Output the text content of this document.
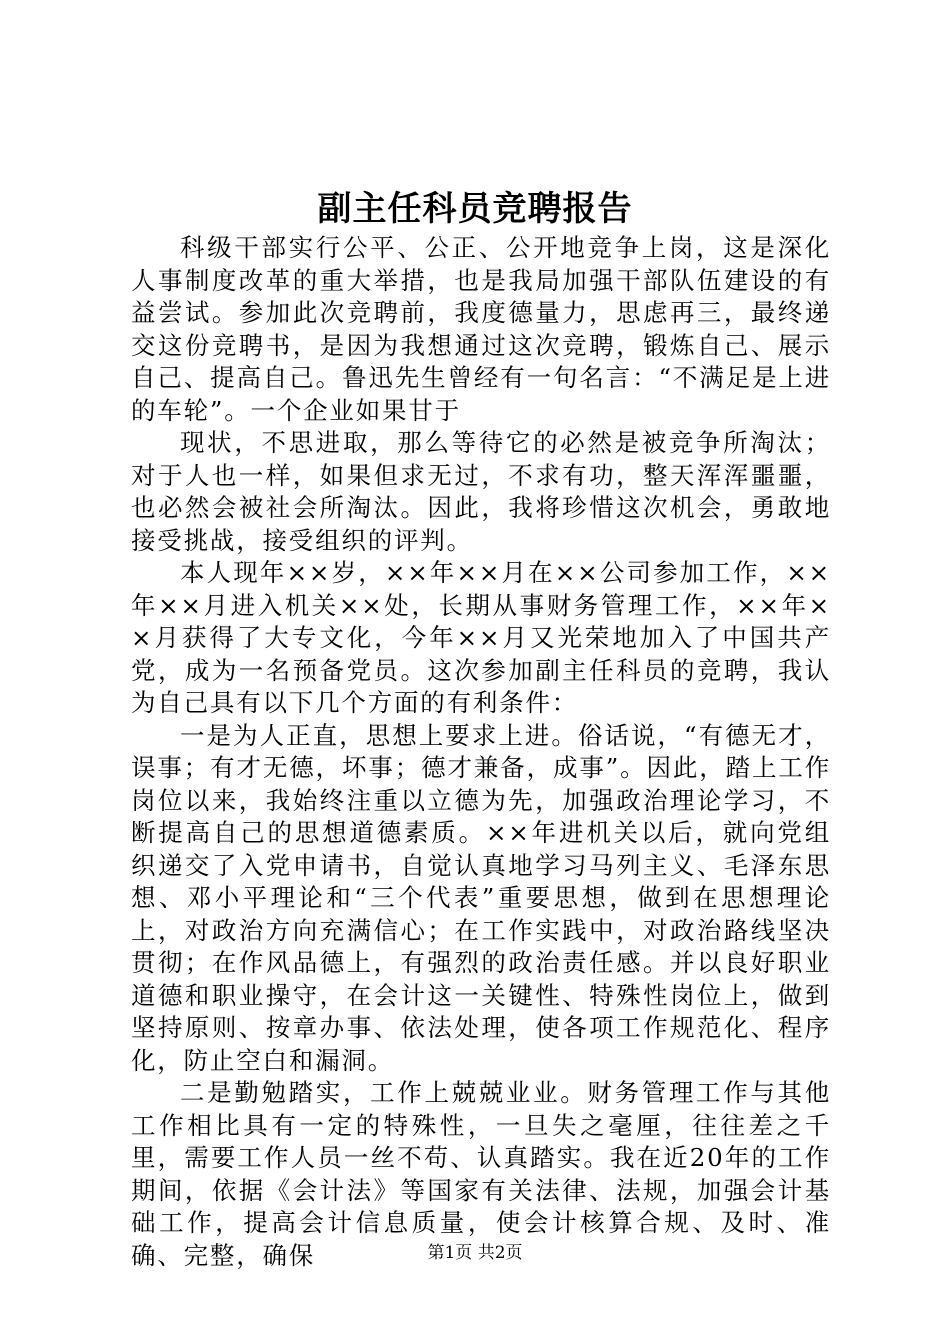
副主任科员竞聘报告

科级干部实行公平、公正、公开地竞争上岗，这是深化人事制度改革的重大举措，也是我局加强干部队伍建设的有益尝试。参加此次竞聘前，我度德量力，思虑再三，最终递交这份竞聘书，是因为我想通过这次竞聘，锻炼自己、展示自己、提高自己。鲁迅先生曾经有一句名言：“不满足是上进的车轮”。一个企业如果甘于

现状，不思进取，那么等待它的必然是被竞争所淘汰；对于人也一样，如果但求无过，不求有功，整天浑浑噩噩，也必然会被社会所淘汰。因此，我将珍惜这次机会，勇敢地接受挑战，接受组织的评判。

本人现年××岁，××年××月在××公司参加工作，××年××月进入机关××处，长期从事财务管理工作，××年××月获得了大专文化，今年××月又光荣地加入了中国共产党，成为一名预备党员。这次参加副主任科员的竞聘，我认为自己具有以下几个方面的有利条件：

一是为人正直，思想上要求上进。俗话说，“有德无才，误事；有才无德，坏事；德才兼备，成事”。因此，踏上工作岗位以来，我始终注重以立德为先，加强政治理论学习，不断提高自己的思想道德素质。××年进机关以后，就向党组织递交了入党申请书，自觉认真地学习马列主义、毛泽东思想、邓小平理论和“三个代表”重要思想，做到在思想理论上，对政治方向充满信心；在工作实践中，对政治路线坚决贯彻；在作风品德上，有强烈的政治责任感。并以良好职业道德和职业操守，在会计这一关键性、特殊性岗位上，做到坚持原则、按章办事、依法处理，使各项工作规范化、程序化，防止空白和漏洞。

二是勤勉踏实，工作上兢兢业业。财务管理工作与其他工作相比具有一定的特殊性，一旦失之毫厘，往往差之千里，需要工作人员一丝不苟、认真踏实。我在近20年的工作期间，依据《会计法》等国家有关法律、法规，加强会计基础工作，提高会计信息质量，使会计核算合规、及时、准确、完整，确保	第1页 共2页
